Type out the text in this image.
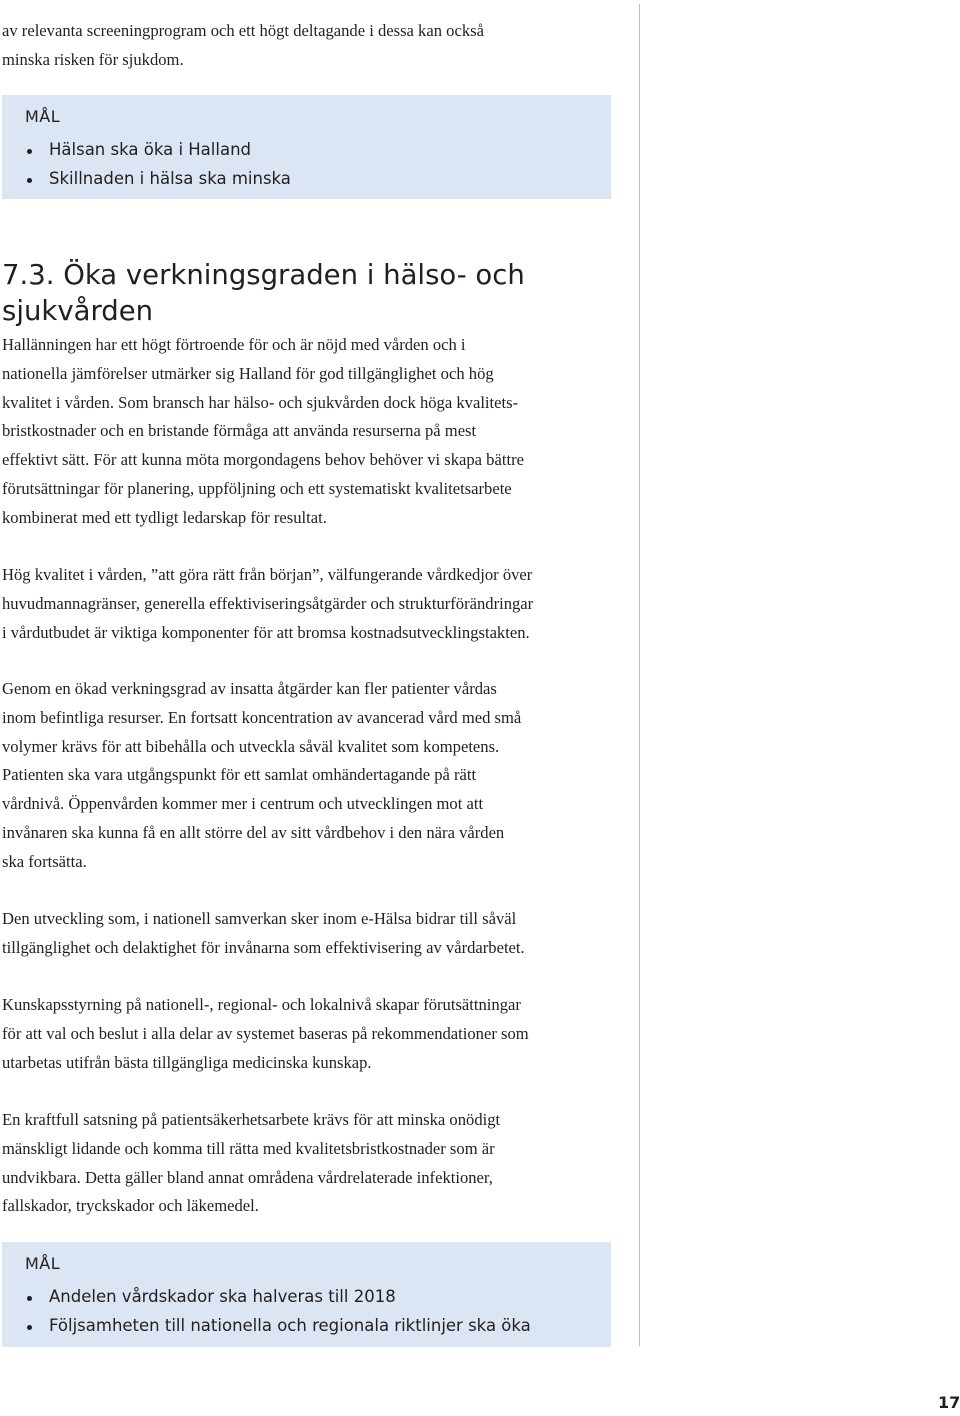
av relevanta screeningprogram och ett högt deltagande i dessa kan också
minska risken för sjukdom.
MÅL
Hälsan ska öka i Halland
Skillnaden i hälsa ska minska
7.3. Öka verkningsgraden i hälso- och
sjukvården
Hallänningen har ett högt förtroende för och är nöjd med vården och i
nationella jämförelser utmärker sig Halland för god tillgänglighet och hög
kvalitet i vården. Som bransch har hälso- och sjukvården dock höga kvalitets-
bristkostnader och en bristande förmåga att använda resurserna på mest
effektivt sätt. För att kunna möta morgondagens behov behöver vi skapa bättre
förutsättningar för planering, uppföljning och ett systematiskt kvalitetsarbete
kombinerat med ett tydligt ledarskap för resultat.
Hög kvalitet i vården, ”att göra rätt från början”, välfungerande vårdkedjor över
huvudmannagränser, generella effektiviseringsåtgärder och strukturförändringar
i vårdutbudet är viktiga komponenter för att bromsa kostnadsutvecklingstakten.
Genom en ökad verkningsgrad av insatta åtgärder kan fler patienter vårdas
inom befintliga resurser. En fortsatt koncentration av avancerad vård med små
volymer krävs för att bibehålla och utveckla såväl kvalitet som kompetens.
Patienten ska vara utgångspunkt för ett samlat omhändertagande på rätt
vårdnivå. Öppenvården kommer mer i centrum och utvecklingen mot att
invånaren ska kunna få en allt större del av sitt vårdbehov i den nära vården
ska fortsätta.
Den utveckling som, i nationell samverkan sker inom e-Hälsa bidrar till såväl
tillgänglighet och delaktighet för invånarna som effektivisering av vårdarbetet.
Kunskapsstyrning på nationell-, regional- och lokalnivå skapar förutsättningar
för att val och beslut i alla delar av systemet baseras på rekommendationer som
utarbetas utifrån bästa tillgängliga medicinska kunskap.
En kraftfull satsning på patientsäkerhetsarbete krävs för att minska onödigt
mänskligt lidande och komma till rätta med kvalitetsbristkostnader som är
undvikbara. Detta gäller bland annat områdena vårdrelaterade infektioner,
fallskador, tryckskador och läkemedel.
MÅL
Andelen vårdskador ska halveras till 2018
Följsamheten till nationella och regionala riktlinjer ska öka
17
